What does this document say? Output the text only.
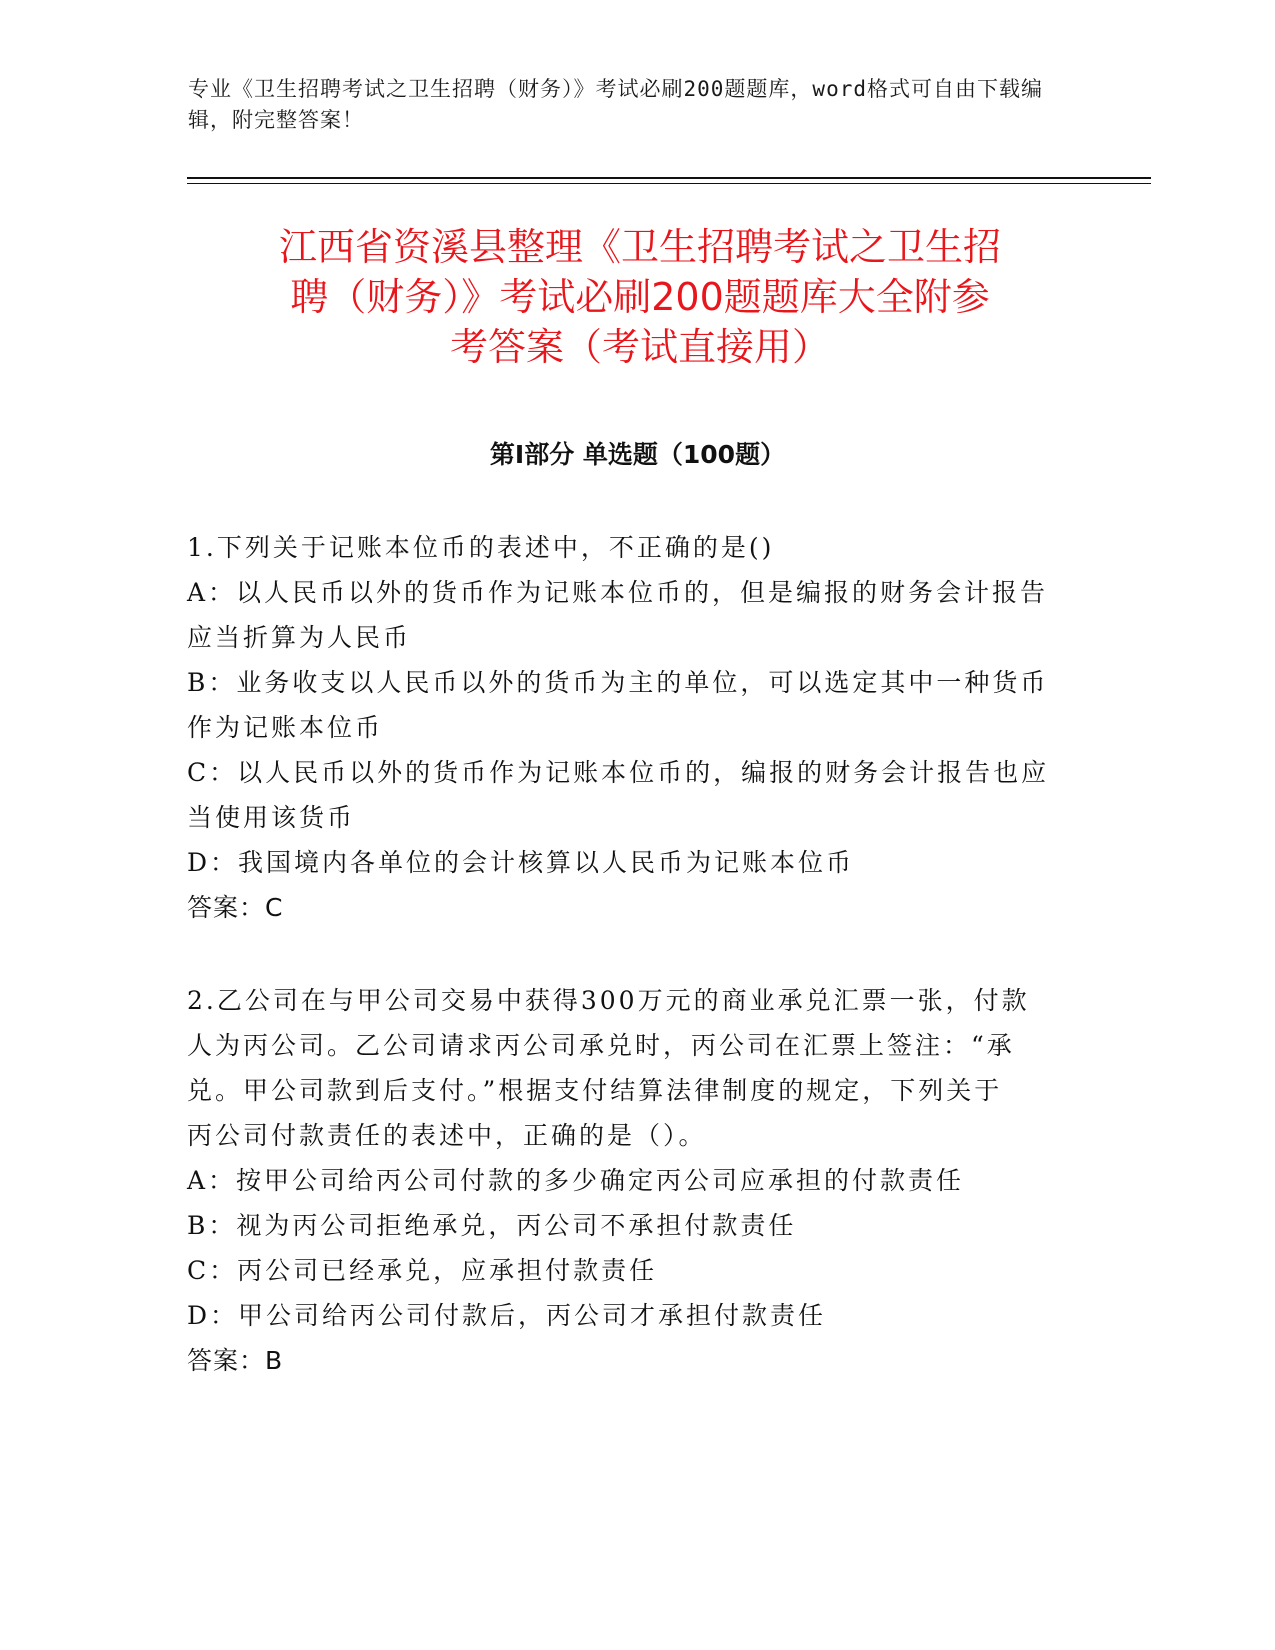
专业《卫生招聘考试之卫生招聘（财务）》考试必刷200题题库，word格式可自由下载编辑，附完整答案！
江西省资溪县整理《卫生招聘考试之卫生招
聘（财务）》考试必刷200题题库大全附参
考答案（考试直接用）
第Ⅰ部分 单选题（100题）
1.下列关于记账本位币的表述中，不正确的是()
A：以人民币以外的货币作为记账本位币的，但是编报的财务会计报告
应当折算为人民币
B：业务收支以人民币以外的货币为主的单位，可以选定其中一种货币
作为记账本位币
C：以人民币以外的货币作为记账本位币的，编报的财务会计报告也应
当使用该货币
D：我国境内各单位的会计核算以人民币为记账本位币
答案：C
2.乙公司在与甲公司交易中获得300万元的商业承兑汇票一张，付款
人为丙公司。乙公司请求丙公司承兑时，丙公司在汇票上签注：“承
兑。甲公司款到后支付。”根据支付结算法律制度的规定，下列关于
丙公司付款责任的表述中，正确的是（）。
A：按甲公司给丙公司付款的多少确定丙公司应承担的付款责任
B：视为丙公司拒绝承兑，丙公司不承担付款责任
C：丙公司已经承兑，应承担付款责任
D：甲公司给丙公司付款后，丙公司才承担付款责任
答案：B
